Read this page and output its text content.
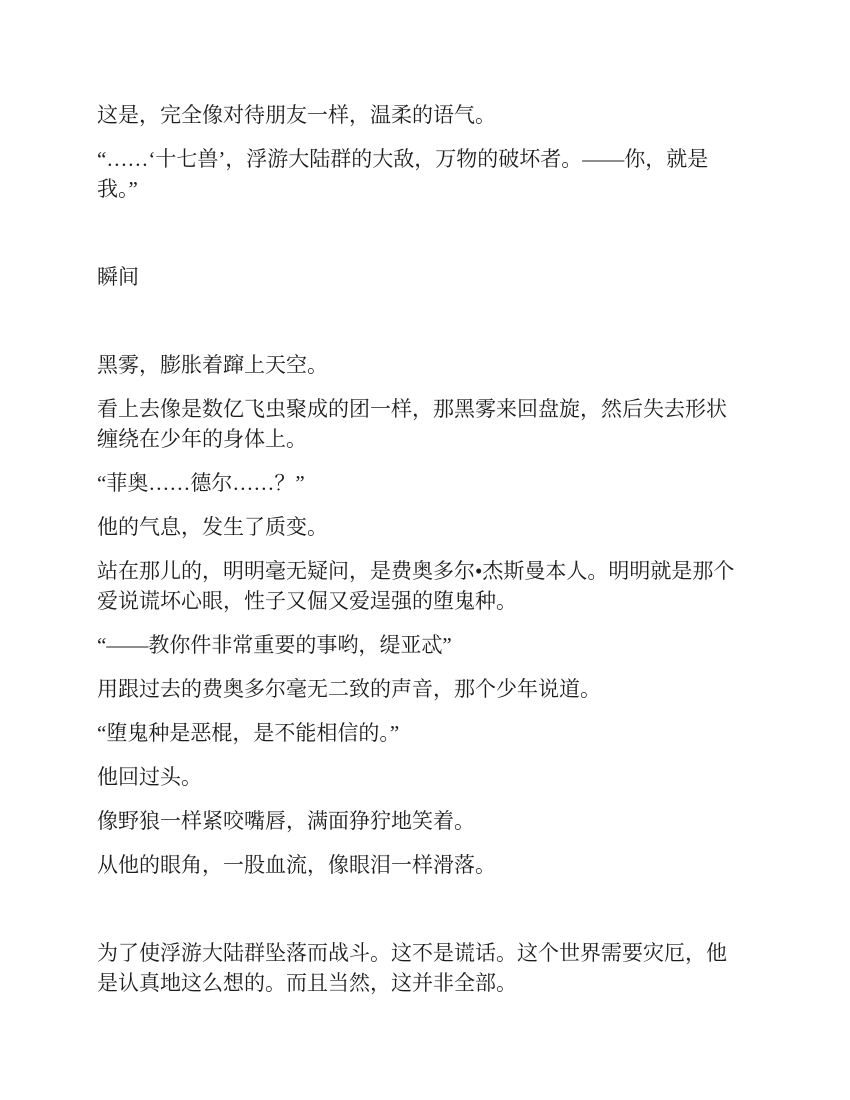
这是，完全像对待朋友一样，温柔的语气。

“……‘十七兽’，浮游大陆群的大敌，万物的破坏者。——你，就是我。”

瞬间

黑雾，膨胀着蹿上天空。

看上去像是数亿飞虫聚成的团一样，那黑雾来回盘旋，然后失去形状缠绕在少年的身体上。

“菲奥……德尔……？”

他的气息，发生了质变。

站在那儿的，明明毫无疑问，是费奥多尔•杰斯曼本人。明明就是那个爱说谎坏心眼，性子又倔又爱逞强的堕鬼种。

“——教你件非常重要的事哟，缇亚忒”

用跟过去的费奥多尔毫无二致的声音，那个少年说道。

“堕鬼种是恶棍，是不能相信的。”

他回过头。

像野狼一样紧咬嘴唇，满面狰狞地笑着。

从他的眼角，一股血流，像眼泪一样滑落。

为了使浮游大陆群坠落而战斗。这不是谎话。这个世界需要灾厄，他是认真地这么想的。而且当然，这并非全部。
